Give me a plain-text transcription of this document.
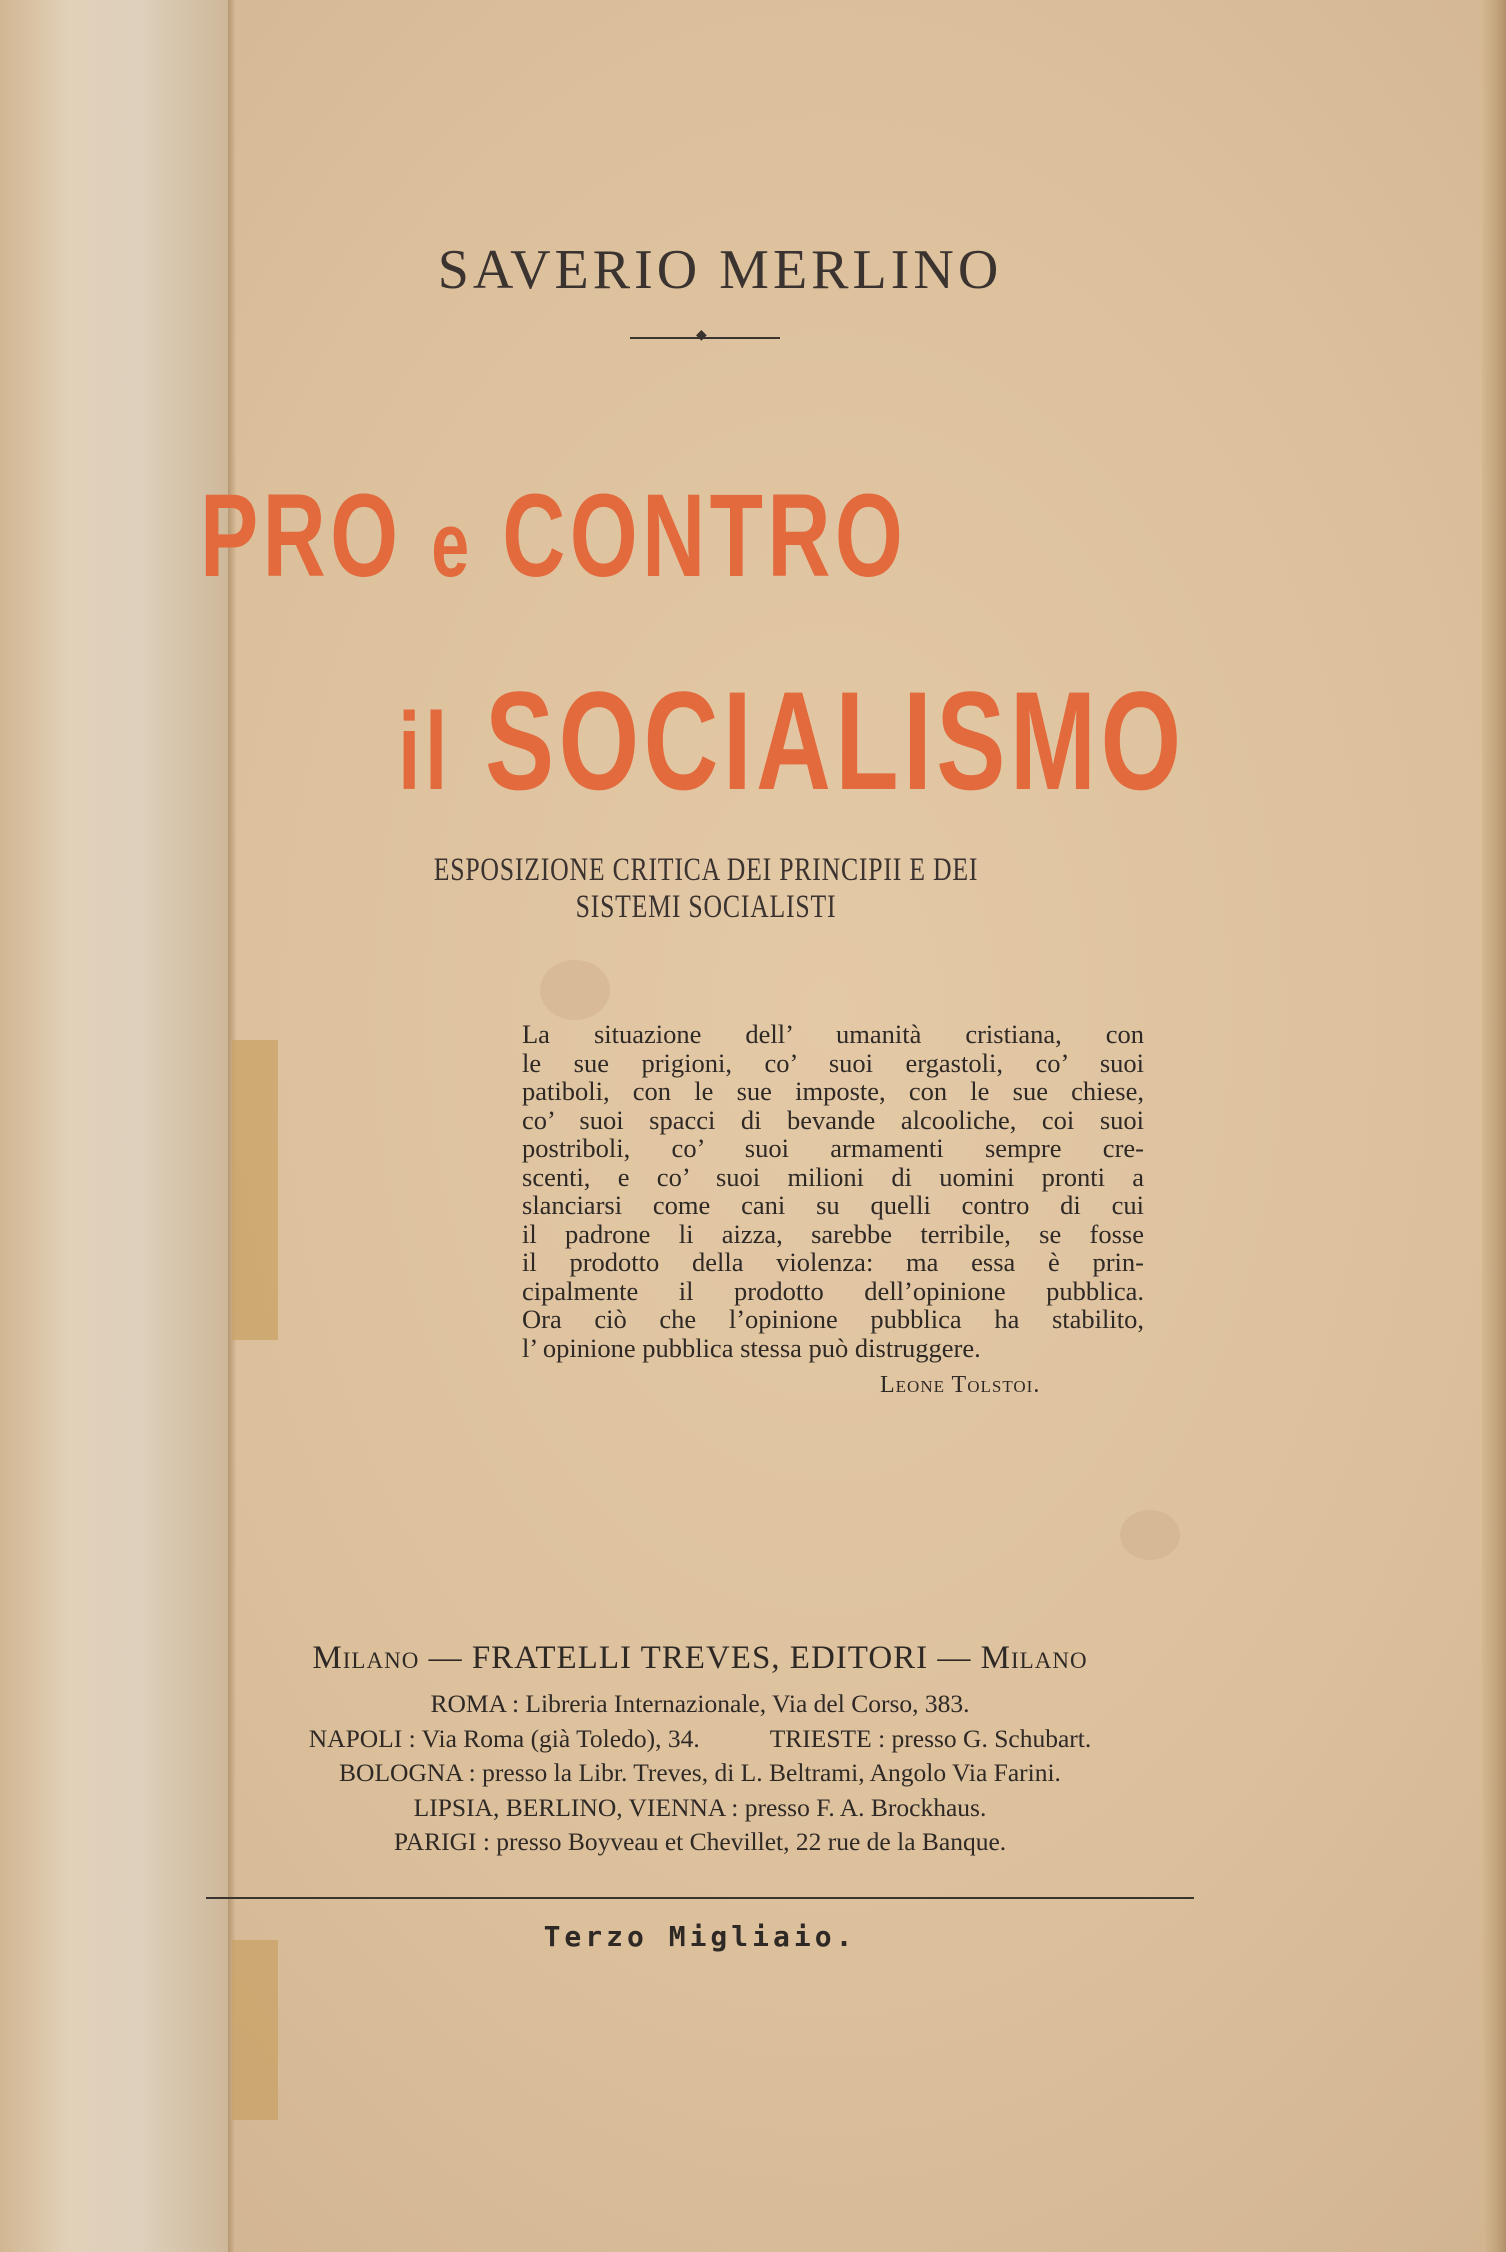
SAVERIO MERLINO
◆
PRO e CONTRO
il SOCIALISMO
ESPOSIZIONE CRITICA DEI PRINCIPII E DEI SISTEMI SOCIALISTI
La situazione dell’ umanità cristiana, con
le sue prigioni, co’ suoi ergastoli, co’ suoi
patiboli, con le sue imposte, con le sue chiese,
co’ suoi spacci di bevande alcooliche, coi suoi
postriboli, co’ suoi armamenti sempre cre-
scenti, e co’ suoi milioni di uomini pronti a
slanciarsi come cani su quelli contro di cui
il padrone li aizza, sarebbe terribile, se fosse
il prodotto della violenza: ma essa è prin-
cipalmente il prodotto dell’opinione pubblica.
Ora ciò che l’opinione pubblica ha stabilito,
l’ opinione pubblica stessa può distruggere.
Leone Tolstoi.
Milano — FRATELLI TREVES, EDITORI — Milano
ROMA : Libreria Internazionale, Via del Corso, 383.
NAPOLI : Via Roma (già Toledo), 34.	TRIESTE : presso G. Schubart.
BOLOGNA : presso la Libr. Treves, di L. Beltrami, Angolo Via Farini.
LIPSIA, BERLINO, VIENNA : presso F. A. Brockhaus.
PARIGI : presso Boyveau et Chevillet, 22 rue de la Banque.
Terzo Migliaio.
